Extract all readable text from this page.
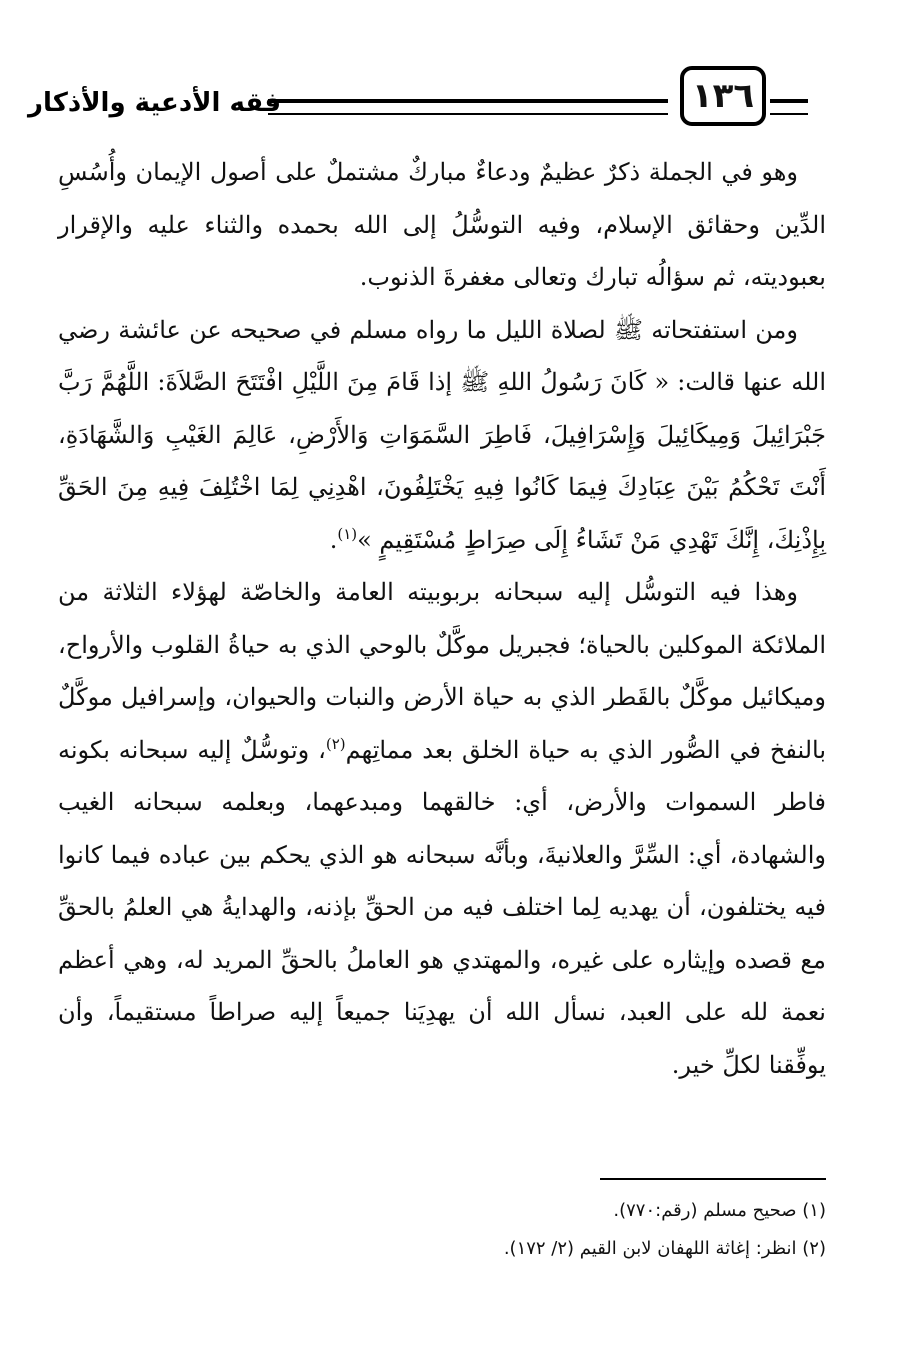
فقه الأدعية والأذكار	١٣٦

وهو في الجملة ذكرٌ عظيمٌ ودعاءٌ مباركٌ مشتملٌ على أصول الإيمان وأُسُسِ الدِّين وحقائق الإسلام، وفيه التوسُّلُ إلى الله بحمده والثناء عليه والإقرار بعبوديته، ثم سؤالُه تبارك وتعالى مغفرةَ الذنوب.

ومن استفتحاته ﷺ لصلاة الليل ما رواه مسلم في صحيحه عن عائشة رضي الله عنها قالت: « كَانَ رَسُولُ اللهِ ﷺ إذا قَامَ مِنَ اللَّيْلِ افْتَتَحَ الصَّلاَةَ: اللَّهُمَّ رَبَّ جَبْرَائِيلَ وَمِيكَائِيلَ وَإِسْرَافِيلَ، فَاطِرَ السَّمَوَاتِ وَالأَرْضِ، عَالِمَ الغَيْبِ وَالشَّهَادَةِ، أَنْتَ تَحْكُمُ بَيْنَ عِبَادِكَ فِيمَا كَانُوا فِيهِ يَخْتَلِفُونَ، اهْدِنِي لِمَا اخْتُلِفَ فِيهِ مِنَ الحَقِّ بِإِذْنِكَ، إِنَّكَ تَهْدِي مَنْ تَشَاءُ إِلَى صِرَاطٍ مُسْتَقِيمٍ »$^{(١)}$.

وهذا فيه التوسُّل إليه سبحانه بربوبيته العامة والخاصّة لهؤلاء الثلاثة من الملائكة الموكلين بالحياة؛ فجبريل موكَّلٌ بالوحي الذي به حياةُ القلوب والأرواح، وميكائيل موكَّلٌ بالقَطر الذي به حياة الأرض والنبات والحيوان، وإسرافيل موكَّلٌ بالنفخ في الصُّور الذي به حياة الخلق بعد مماتِهم$^{(٢)}$، وتوسُّلٌ إليه سبحانه بكونه فاطر السموات والأرض، أي: خالقهما ومبدعهما، وبعلمه سبحانه الغيب والشهادة، أي: السِّرَّ والعلانيةَ، وبأنَّه سبحانه هو الذي يحكم بين عباده فيما كانوا فيه يختلفون، أن يهديه لِما اختلف فيه من الحقِّ بإذنه، والهدايةُ هي العلمُ بالحقِّ مع قصده وإيثاره على غيره، والمهتدي هو العاملُ بالحقِّ المريد له، وهي أعظم نعمة لله على العبد، نسأل الله أن يهدِيَنا جميعاً إليه صراطاً مستقيماً، وأن يوفِّقنا لكلِّ خير.

(١) صحيح مسلم (رقم:٧٧٠).
(٢) انظر: إغاثة اللهفان لابن القيم (٢/ ١٧٢).
